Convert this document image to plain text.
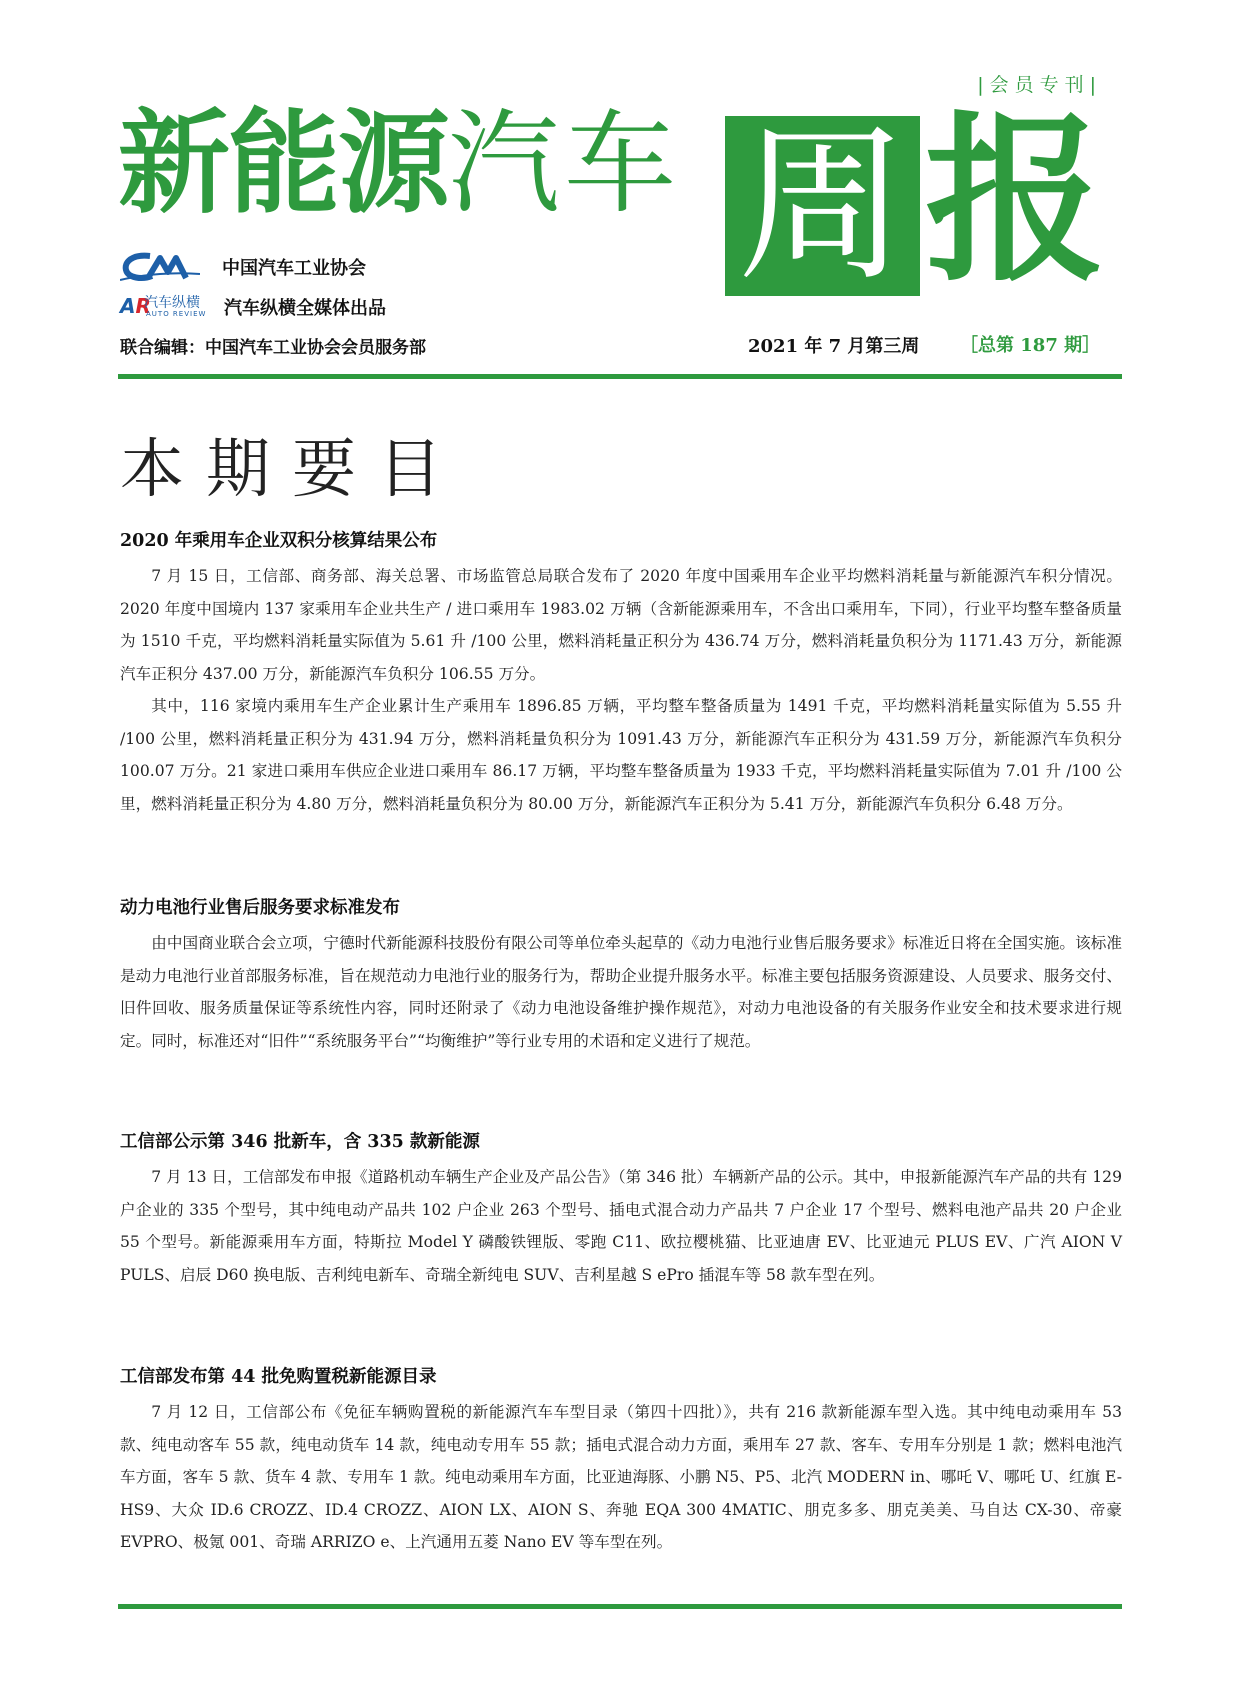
|会员专刊|
新能源汽车 周 报
中国汽车工业协会
AR
汽车纵横
AUTO REVIEW 汽车纵横全媒体出品
联合编辑：中国汽车工业协会会员服务部	2021 年 7 月第三周 ［总第 187 期］
本期要目
2020 年乘用车企业双积分核算结果公布

7 月 15 日，工信部、商务部、海关总署、市场监管总局联合发布了 2020 年度中国乘用车企业平均燃料消耗量与新能源汽车积分情况。2020 年度中国境内 137 家乘用车企业共生产 / 进口乘用车 1983.02 万辆（含新能源乘用车，不含出口乘用车，下同），行业平均整车整备质量为 1510 千克，平均燃料消耗量实际值为 5.61 升 /100 公里，燃料消耗量正积分为 436.74 万分，燃料消耗量负积分为 1171.43 万分，新能源汽车正积分 437.00 万分，新能源汽车负积分 106.55 万分。

其中，116 家境内乘用车生产企业累计生产乘用车 1896.85 万辆，平均整车整备质量为 1491 千克，平均燃料消耗量实际值为 5.55 升 /100 公里，燃料消耗量正积分为 431.94 万分，燃料消耗量负积分为 1091.43 万分，新能源汽车正积分为 431.59 万分，新能源汽车负积分 100.07 万分。21 家进口乘用车供应企业进口乘用车 86.17 万辆，平均整车整备质量为 1933 千克，平均燃料消耗量实际值为 7.01 升 /100 公里，燃料消耗量正积分为 4.80 万分，燃料消耗量负积分为 80.00 万分，新能源汽车正积分为 5.41 万分，新能源汽车负积分 6.48 万分。

动力电池行业售后服务要求标准发布

由中国商业联合会立项，宁德时代新能源科技股份有限公司等单位牵头起草的《动力电池行业售后服务要求》标准近日将在全国实施。该标准是动力电池行业首部服务标准，旨在规范动力电池行业的服务行为，帮助企业提升服务水平。标准主要包括服务资源建设、人员要求、服务交付、旧件回收、服务质量保证等系统性内容，同时还附录了《动力电池设备维护操作规范》，对动力电池设备的有关服务作业安全和技术要求进行规定。同时，标准还对“旧件”“系统服务平台”“均衡维护”等行业专用的术语和定义进行了规范。

工信部公示第 346 批新车，含 335 款新能源

7 月 13 日，工信部发布申报《道路机动车辆生产企业及产品公告》（第 346 批）车辆新产品的公示。其中，申报新能源汽车产品的共有 129 户企业的 335 个型号，其中纯电动产品共 102 户企业 263 个型号、插电式混合动力产品共 7 户企业 17 个型号、燃料电池产品共 20 户企业 55 个型号。新能源乘用车方面，特斯拉 Model Y 磷酸铁锂版、零跑 C11、欧拉樱桃猫、比亚迪唐 EV、比亚迪元 PLUS EV、广汽 AION V PULS、启辰 D60 换电版、吉利纯电新车、奇瑞全新纯电 SUV、吉利星越 S ePro 插混车等 58 款车型在列。

工信部发布第 44 批免购置税新能源目录

7 月 12 日，工信部公布《免征车辆购置税的新能源汽车车型目录（第四十四批）》，共有 216 款新能源车型入选。其中纯电动乘用车 53 款、纯电动客车 55 款，纯电动货车 14 款，纯电动专用车 55 款；插电式混合动力方面，乘用车 27 款、客车、专用车分别是 1 款；燃料电池汽车方面，客车 5 款、货车 4 款、专用车 1 款。纯电动乘用车方面，比亚迪海豚、小鹏 N5、P5、北汽 MODERN in、哪吒 V、哪吒 U、红旗 E-HS9、大众 ID.6 CROZZ、ID.4 CROZZ、AION LX、AION S、奔驰 EQA 300 4MATIC、朋克多多、朋克美美、马自达 CX-30、帝豪 EVPRO、极氪 001、奇瑞 ARRIZO e、上汽通用五菱 Nano EV 等车型在列。
